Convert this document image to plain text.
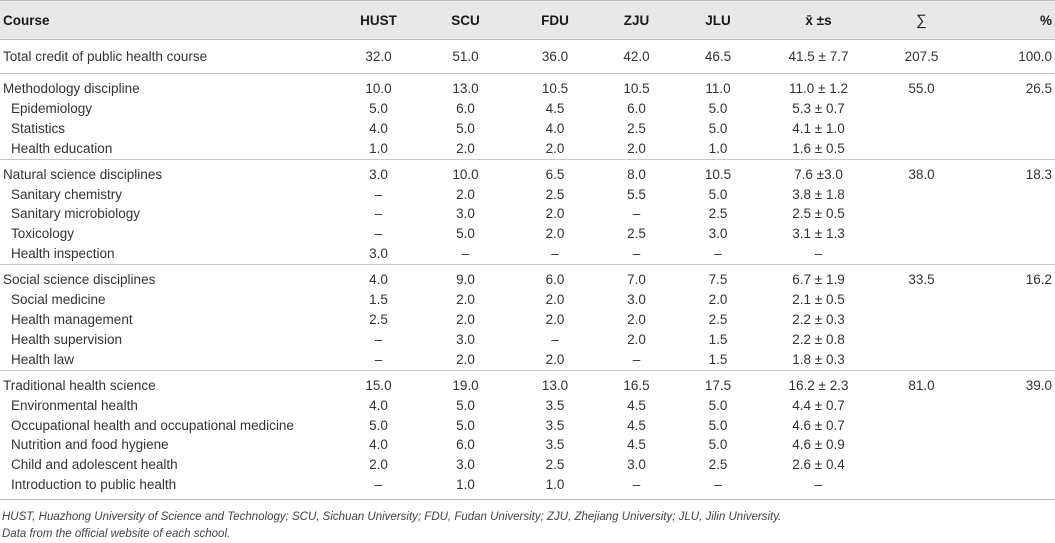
Course	HUST	SCU	FDU	ZJU	JLU	x̄ ±s	∑	%
Total credit of public health course	32.0	51.0	36.0	42.0	46.5	41.5 ± 7.7	207.5	100.0
Methodology discipline	10.0	13.0	10.5	10.5	11.0	11.0 ± 1.2	55.0	26.5
Epidemiology	5.0	6.0	4.5	6.0	5.0	5.3 ± 0.7		
Statistics	4.0	5.0	4.0	2.5	5.0	4.1 ± 1.0		
Health education	1.0	2.0	2.0	2.0	1.0	1.6 ± 0.5		
Natural science disciplines	3.0	10.0	6.5	8.0	10.5	7.6 ±3.0	38.0	18.3
Sanitary chemistry	–	2.0	2.5	5.5	5.0	3.8 ± 1.8		
Sanitary microbiology	–	3.0	2.0	–	2.5	2.5 ± 0.5		
Toxicology	–	5.0	2.0	2.5	3.0	3.1 ± 1.3		
Health inspection	3.0	–	–	–	–	–		
Social science disciplines	4.0	9.0	6.0	7.0	7.5	6.7 ± 1.9	33.5	16.2
Social medicine	1.5	2.0	2.0	3.0	2.0	2.1 ± 0.5		
Health management	2.5	2.0	2.0	2.0	2.5	2.2 ± 0.3		
Health supervision	–	3.0	–	2.0	1.5	2.2 ± 0.8		
Health law	–	2.0	2.0	–	1.5	1.8 ± 0.3		
Traditional health science	15.0	19.0	13.0	16.5	17.5	16.2 ± 2.3	81.0	39.0
Environmental health	4.0	5.0	3.5	4.5	5.0	4.4 ± 0.7		
Occupational health and occupational medicine	5.0	5.0	3.5	4.5	5.0	4.6 ± 0.7		
Nutrition and food hygiene	4.0	6.0	3.5	4.5	5.0	4.6 ± 0.9		
Child and adolescent health	2.0	3.0	2.5	3.0	2.5	2.6 ± 0.4		
Introduction to public health	–	1.0	1.0	–	–	–		
HUST, Huazhong University of Science and Technology; SCU, Sichuan University; FDU, Fudan University; ZJU, Zhejiang University; JLU, Jilin University.
Data from the official website of each school.
